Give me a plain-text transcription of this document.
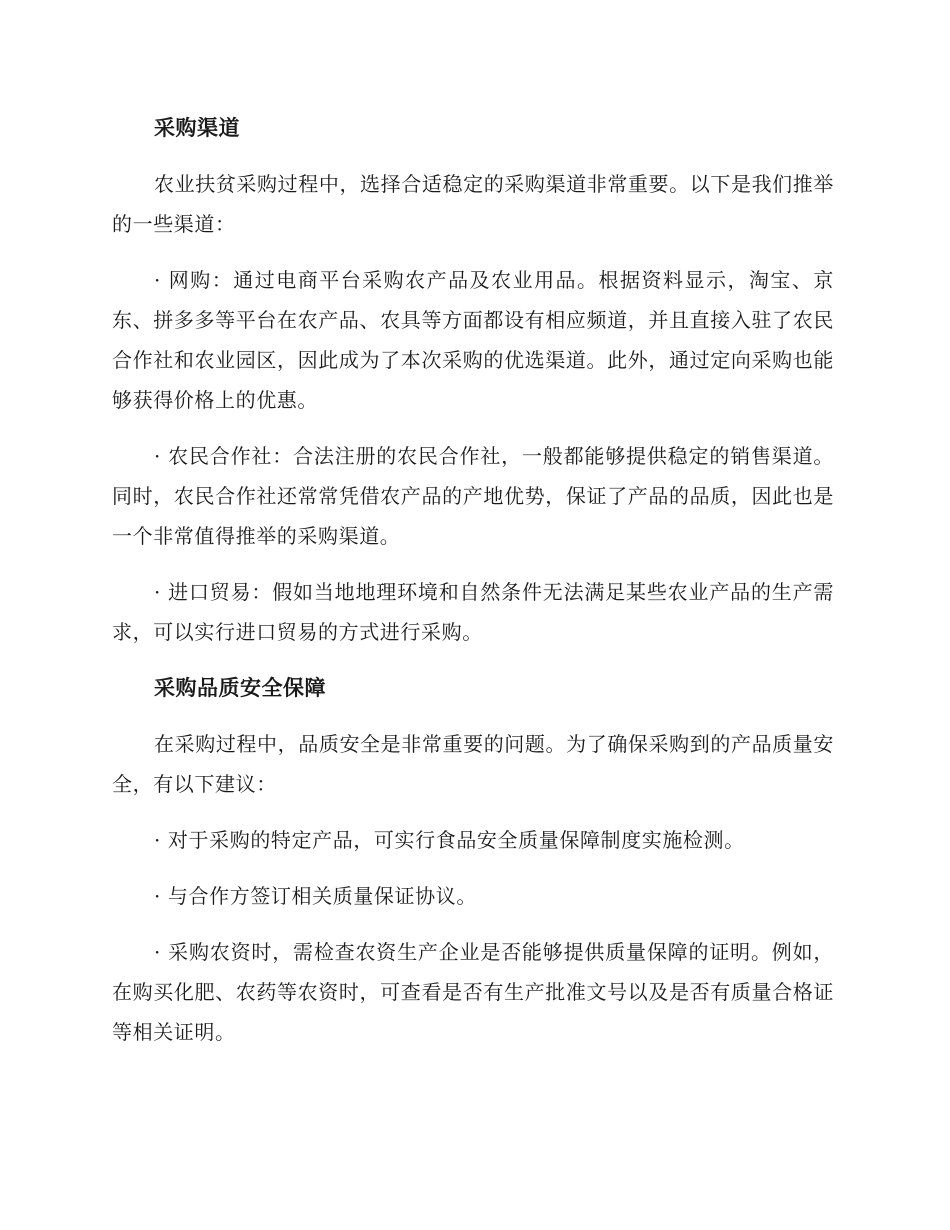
采购渠道

农业扶贫采购过程中，选择合适稳定的采购渠道非常重要。以下是我们推举的一些渠道：

· 网购：通过电商平台采购农产品及农业用品。根据资料显示，淘宝、京东、拼多多等平台在农产品、农具等方面都设有相应频道，并且直接入驻了农民合作社和农业园区，因此成为了本次采购的优选渠道。此外，通过定向采购也能够获得价格上的优惠。

· 农民合作社：合法注册的农民合作社，一般都能够提供稳定的销售渠道。同时，农民合作社还常常凭借农产品的产地优势，保证了产品的品质，因此也是一个非常值得推举的采购渠道。

· 进口贸易：假如当地地理环境和自然条件无法满足某些农业产品的生产需求，可以实行进口贸易的方式进行采购。

采购品质安全保障

在采购过程中，品质安全是非常重要的问题。为了确保采购到的产品质量安全，有以下建议：

· 对于采购的特定产品，可实行食品安全质量保障制度实施检测。

· 与合作方签订相关质量保证协议。

· 采购农资时，需检查农资生产企业是否能够提供质量保障的证明。例如，在购买化肥、农药等农资时，可查看是否有生产批准文号以及是否有质量合格证等相关证明。
